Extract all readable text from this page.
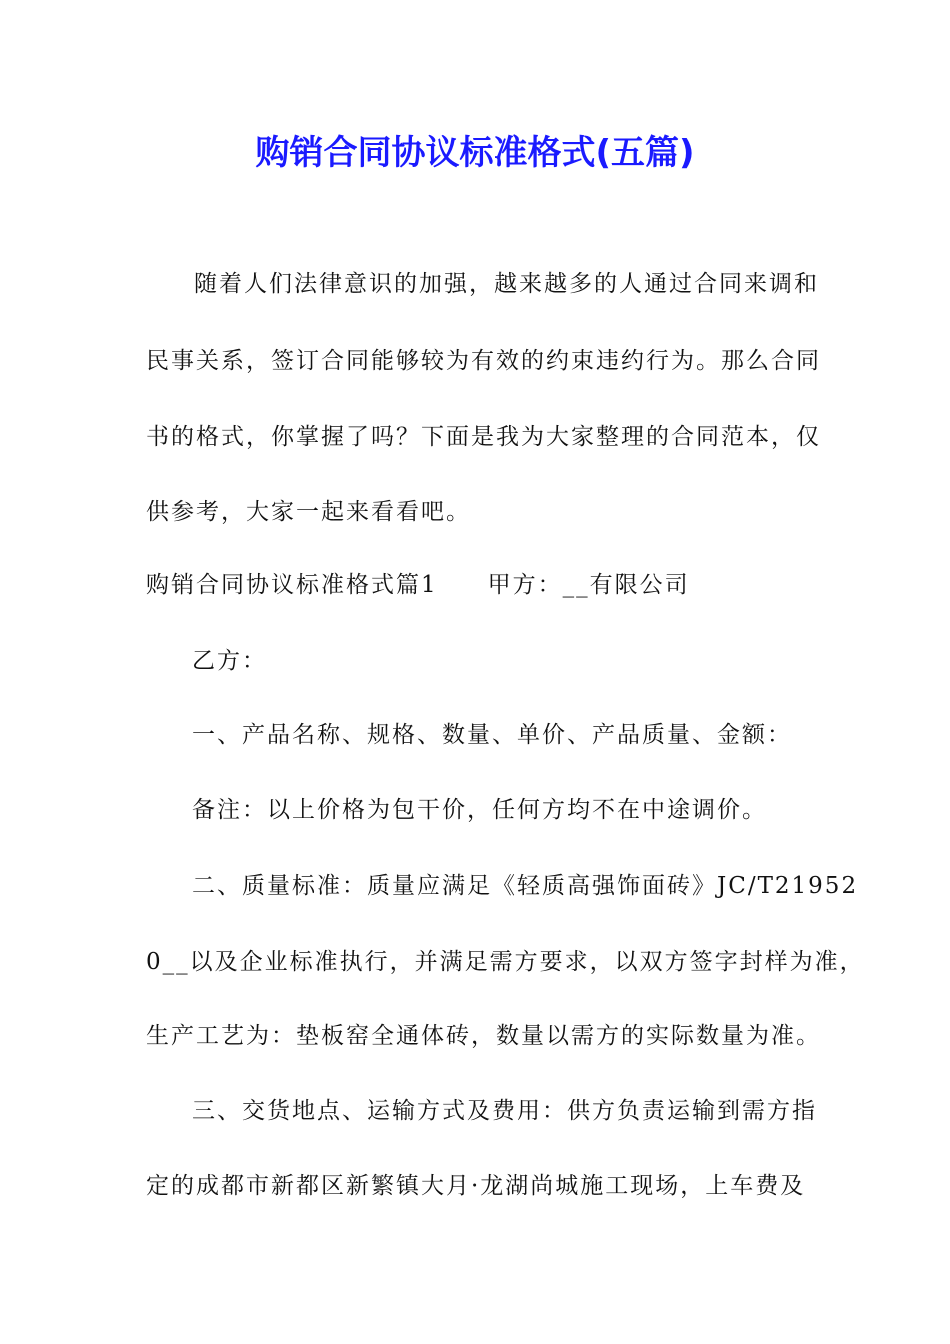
购销合同协议标准格式(五篇)
随着人们法律意识的加强，越来越多的人通过合同来调和
民事关系，签订合同能够较为有效的约束违约行为。那么合同
书的格式，你掌握了吗？下面是我为大家整理的合同范本，仅
供参考，大家一起来看看吧。
购销合同协议标准格式篇1 甲方：__有限公司
乙方：
一、产品名称、规格、数量、单价、产品质量、金额：
备注：以上价格为包干价，任何方均不在中途调价。
二、质量标准：质量应满足《轻质高强饰面砖》JC/T21952
0__以及企业标准执行，并满足需方要求，以双方签字封样为准，
生产工艺为：垫板窑全通体砖，数量以需方的实际数量为准。
三、交货地点、运输方式及费用：供方负责运输到需方指
定的成都市新都区新繁镇大月·龙湖尚城施工现场，上车费及
